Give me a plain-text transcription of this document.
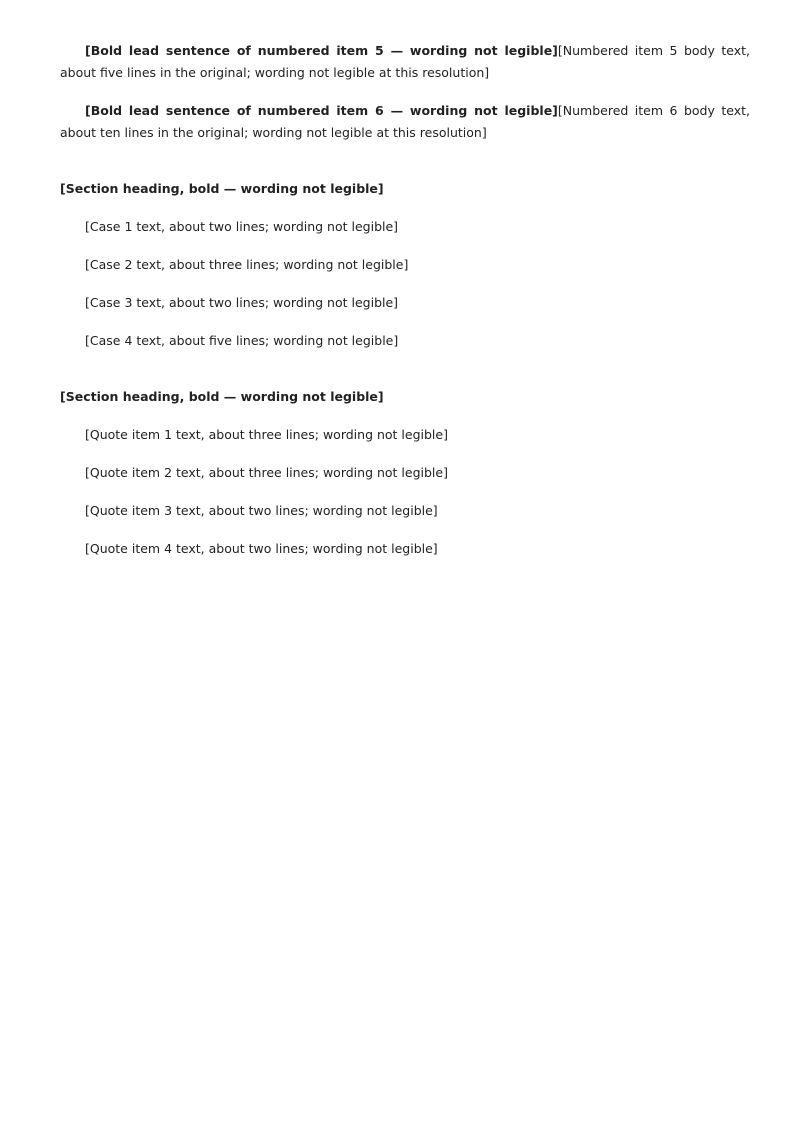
[Bold lead sentence of numbered item 5 — wording not legible][Numbered item 5 body text, about five lines in the original; wording not legible at this resolution]

[Bold lead sentence of numbered item 6 — wording not legible][Numbered item 6 body text, about ten lines in the original; wording not legible at this resolution]

[Section heading, bold — wording not legible]

[Case 1 text, about two lines; wording not legible]

[Case 2 text, about three lines; wording not legible]

[Case 3 text, about two lines; wording not legible]

[Case 4 text, about five lines; wording not legible]

[Section heading, bold — wording not legible]

[Quote item 1 text, about three lines; wording not legible]

[Quote item 2 text, about three lines; wording not legible]

[Quote item 3 text, about two lines; wording not legible]

[Quote item 4 text, about two lines; wording not legible]
